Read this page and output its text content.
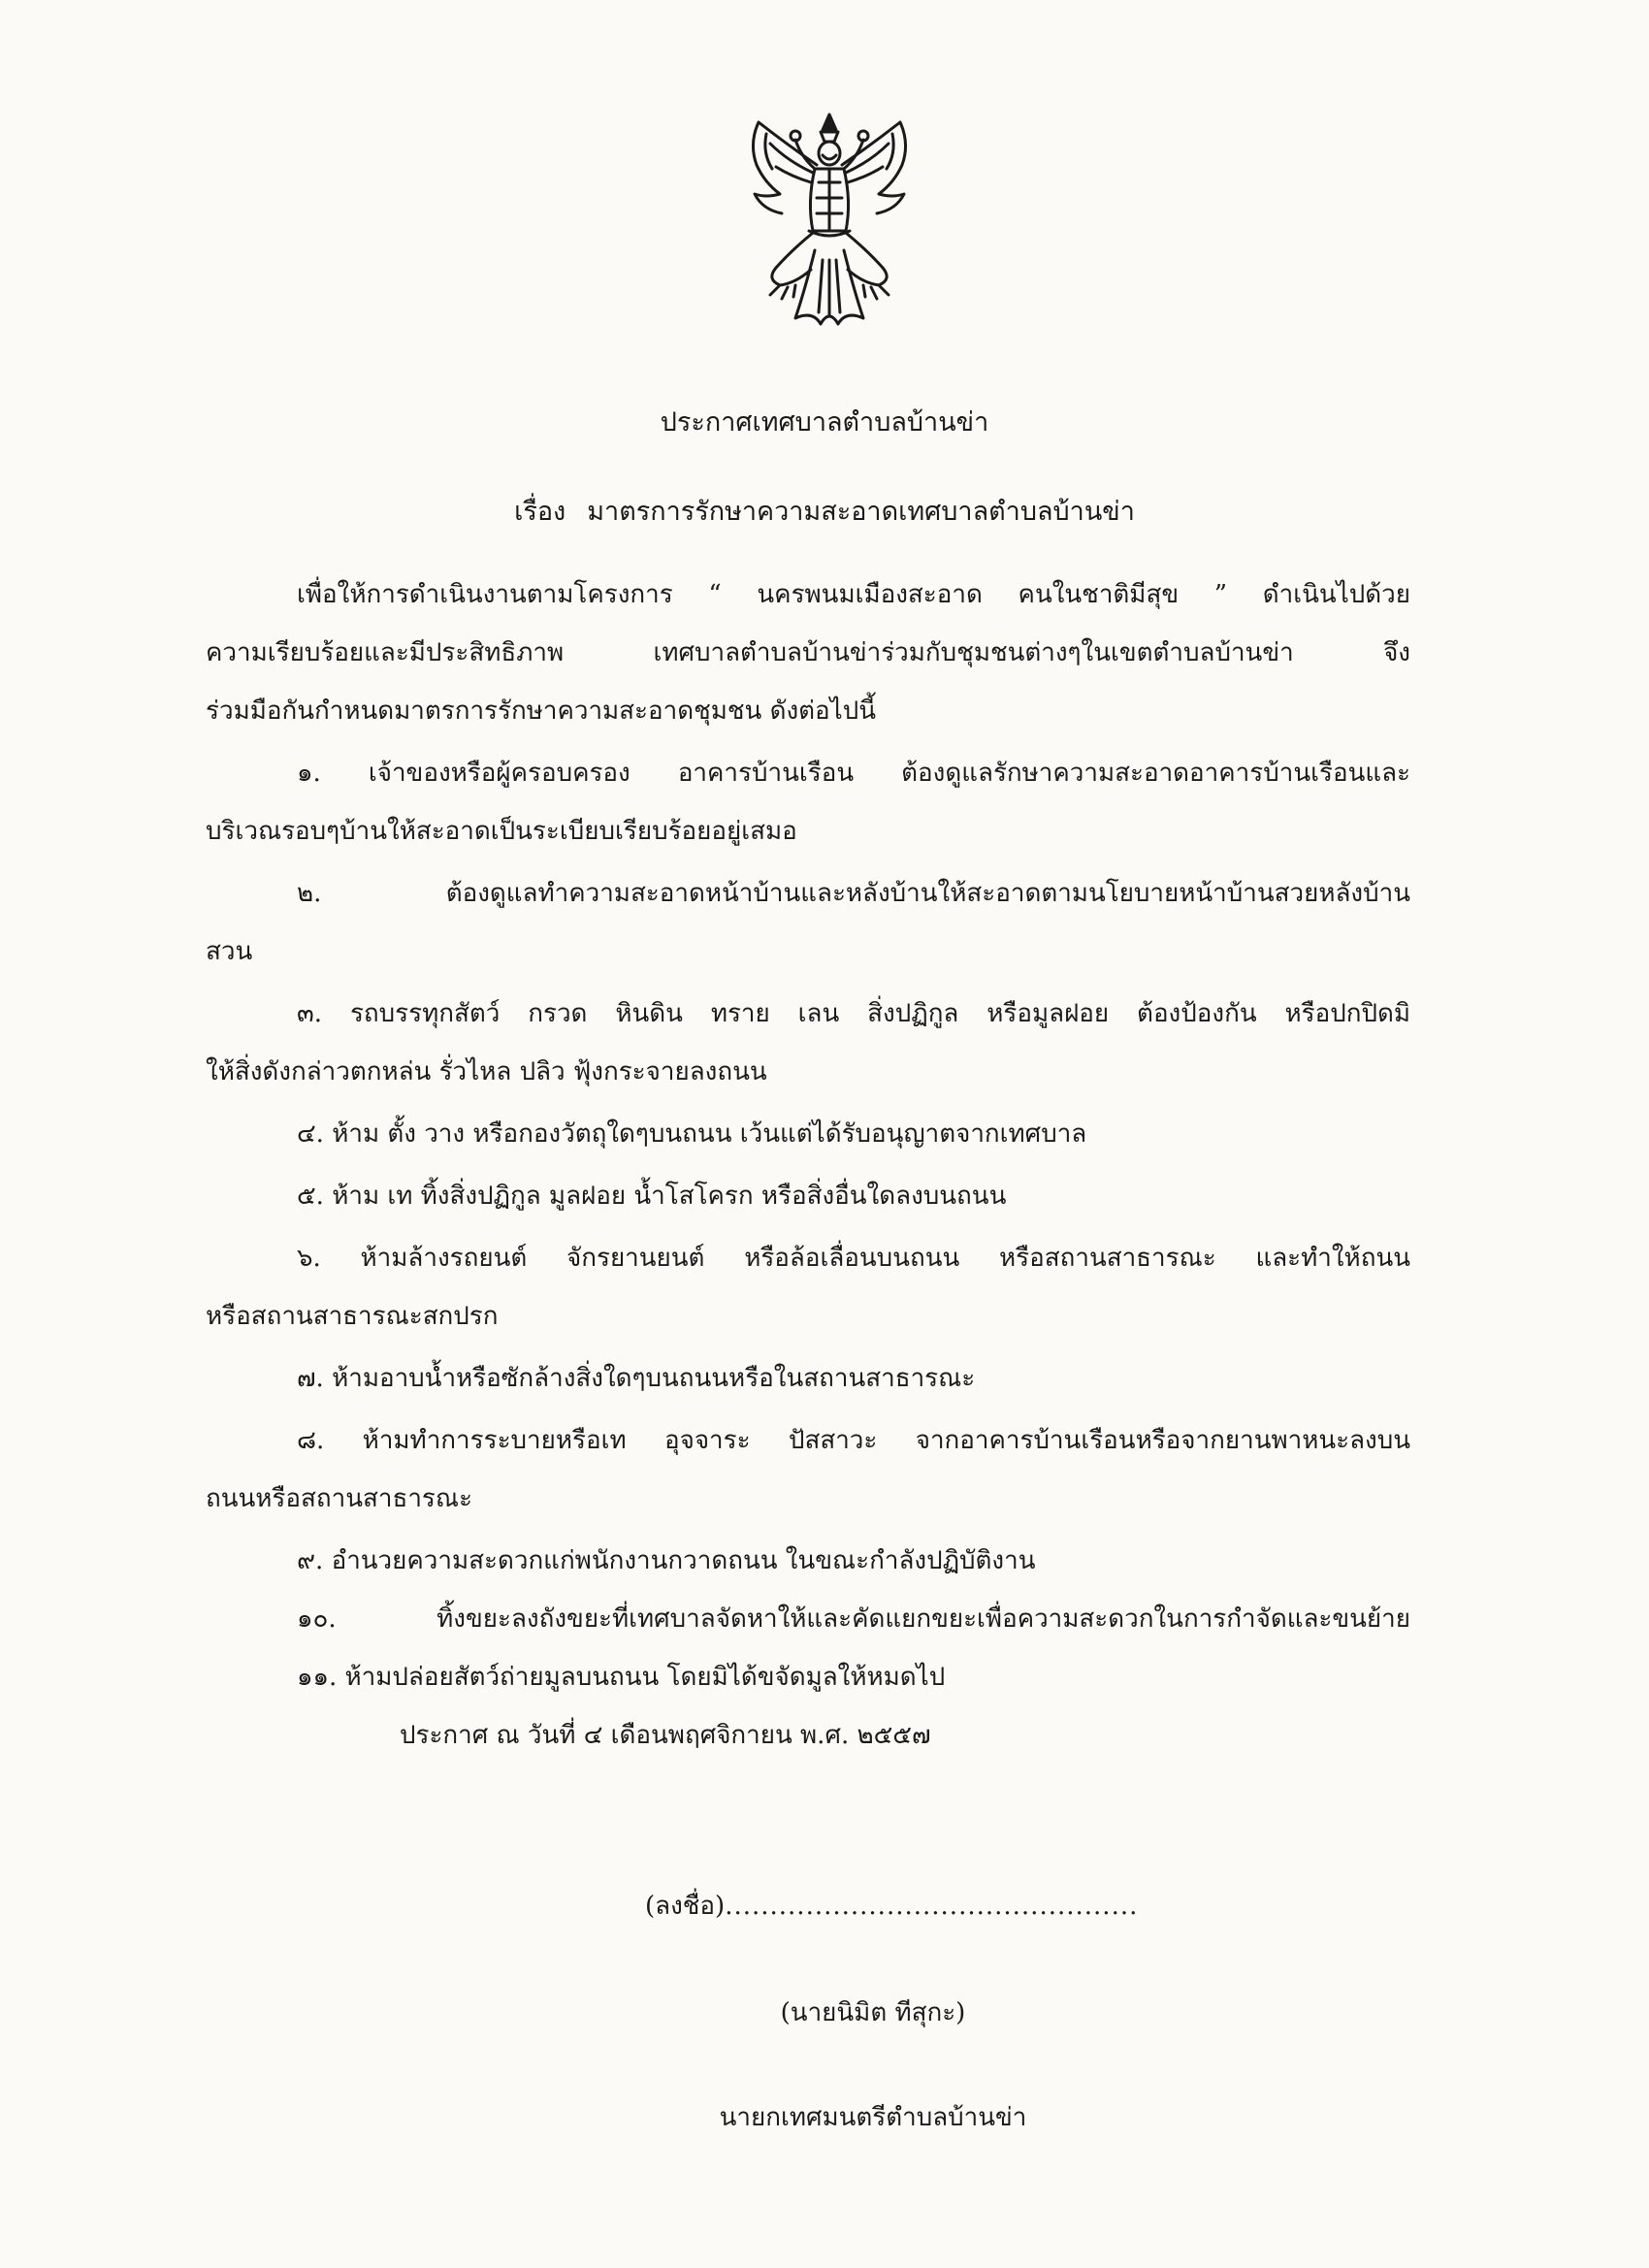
ประกาศเทศบาลตำบลบ้านข่า
เรื่อง มาตรการรักษาความสะอาดเทศบาลตำบลบ้านข่า
เพื่อให้การดำเนินงานตามโครงการ “ นครพนมเมืองสะอาด คนในชาติมีสุข ” ดำเนินไปด้วย
ความเรียบร้อยและมีประสิทธิภาพ เทศบาลตำบลบ้านข่าร่วมกับชุมชนต่างๆในเขตตำบลบ้านข่า จึง
ร่วมมือกันกำหนดมาตรการรักษาความสะอาดชุมชน ดังต่อไปนี้
๑. เจ้าของหรือผู้ครอบครอง อาคารบ้านเรือน ต้องดูแลรักษาความสะอาดอาคารบ้านเรือนและ
บริเวณรอบๆบ้านให้สะอาดเป็นระเบียบเรียบร้อยอยู่เสมอ
๒. ต้องดูแลทำความสะอาดหน้าบ้านและหลังบ้านให้สะอาดตามนโยบายหน้าบ้านสวยหลังบ้าน
สวน
๓. รถบรรทุกสัตว์ กรวด หินดิน ทราย เลน สิ่งปฏิกูล หรือมูลฝอย ต้องป้องกัน หรือปกปิดมิ
ให้สิ่งดังกล่าวตกหล่น รั่วไหล ปลิว ฟุ้งกระจายลงถนน
๔. ห้าม ตั้ง วาง หรือกองวัตถุใดๆบนถนน เว้นแต่ได้รับอนุญาตจากเทศบาล
๕. ห้าม เท ทิ้งสิ่งปฏิกูล มูลฝอย น้ำโสโครก หรือสิ่งอื่นใดลงบนถนน
๖. ห้ามล้างรถยนต์ จักรยานยนต์ หรือล้อเลื่อนบนถนน หรือสถานสาธารณะ และทำให้ถนน
หรือสถานสาธารณะสกปรก
๗. ห้ามอาบน้ำหรือซักล้างสิ่งใดๆบนถนนหรือในสถานสาธารณะ
๘. ห้ามทำการระบายหรือเท อุจจาระ ปัสสาวะ จากอาคารบ้านเรือนหรือจากยานพาหนะลงบน
ถนนหรือสถานสาธารณะ
๙. อำนวยความสะดวกแก่พนักงานกวาดถนน ในขณะกำลังปฏิบัติงาน
๑๐. ทิ้งขยะลงถังขยะที่เทศบาลจัดหาให้และคัดแยกขยะเพื่อความสะดวกในการกำจัดและขนย้าย
๑๑. ห้ามปล่อยสัตว์ถ่ายมูลบนถนน โดยมิได้ขจัดมูลให้หมดไป
ประกาศ ณ วันที่ ๔ เดือนพฤศจิกายน พ.ศ. ๒๕๕๗
(ลงชื่อ)..............................................
(นายนิมิต ทีสุกะ)
นายกเทศมนตรีตำบลบ้านข่า
